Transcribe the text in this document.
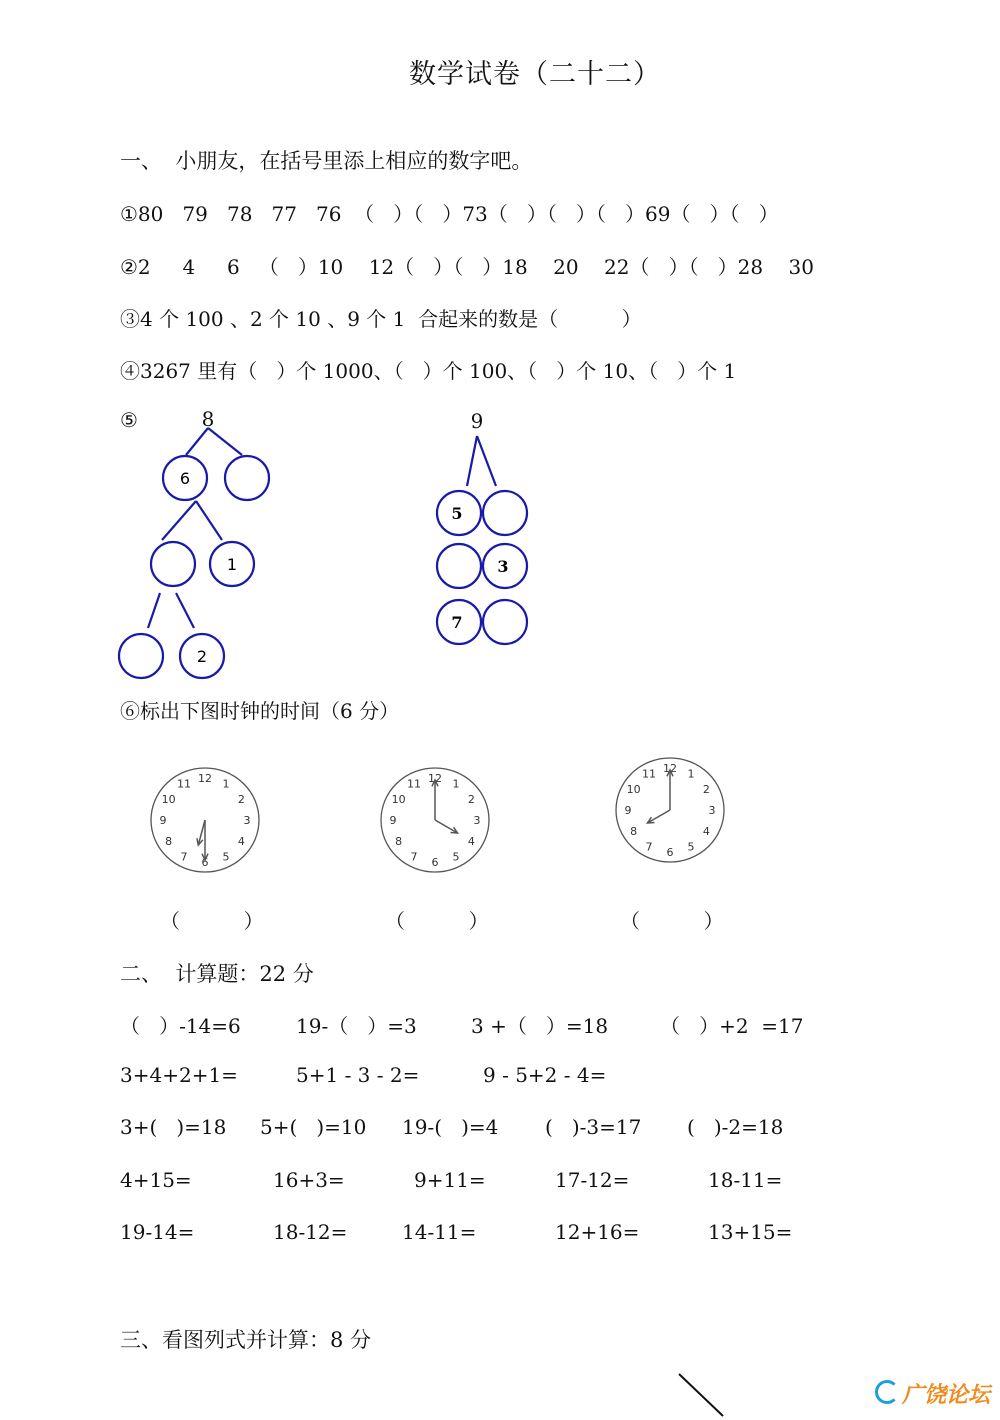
数学试卷（二十二）
一、  小朋友，在括号里添上相应的数字吧。
①80   79   78   77   76  （   ）（   ）73（   ）（   ）（   ）69（   ）（   ）
②2     4     6   （   ）10    12（   ）（   ）18    20    22（   ）（   ）28    30
③4 个 100 、2 个 10 、9 个 1  合起来的数是（          ）
④3267 里有（   ）个 1000、（   ）个 100、（   ）个 10、（   ）个 1
⑤	8
6
1
2
9
5
3
7
⑥标出下图时钟的时间（6 分）
12 1
2
3
4
5
6
7
8
9
10
11	12 1
2
3
4
5
6
7
8
9
10
11
12 1
2
3
4
5
6
7
8
9
10
11
（          ）	（          ）	（          ）
二、  计算题：22 分
（   ）-14=6	19-（   ）=3	3 +（   ）=18	（   ）+2  =17
3+4+2+1=	5+1 - 3 - 2=	9 - 5+2 - 4=
3+(   )=18 5+(   )=10 19-(   )=4 (   )-3=17 (   )-2=18
4+15=	16+3=	9+11=	17-12=	18-11=
19-14=	18-12=	14-11=	12+16=	13+15=
三、看图列式并计算：8 分
广饶论坛
